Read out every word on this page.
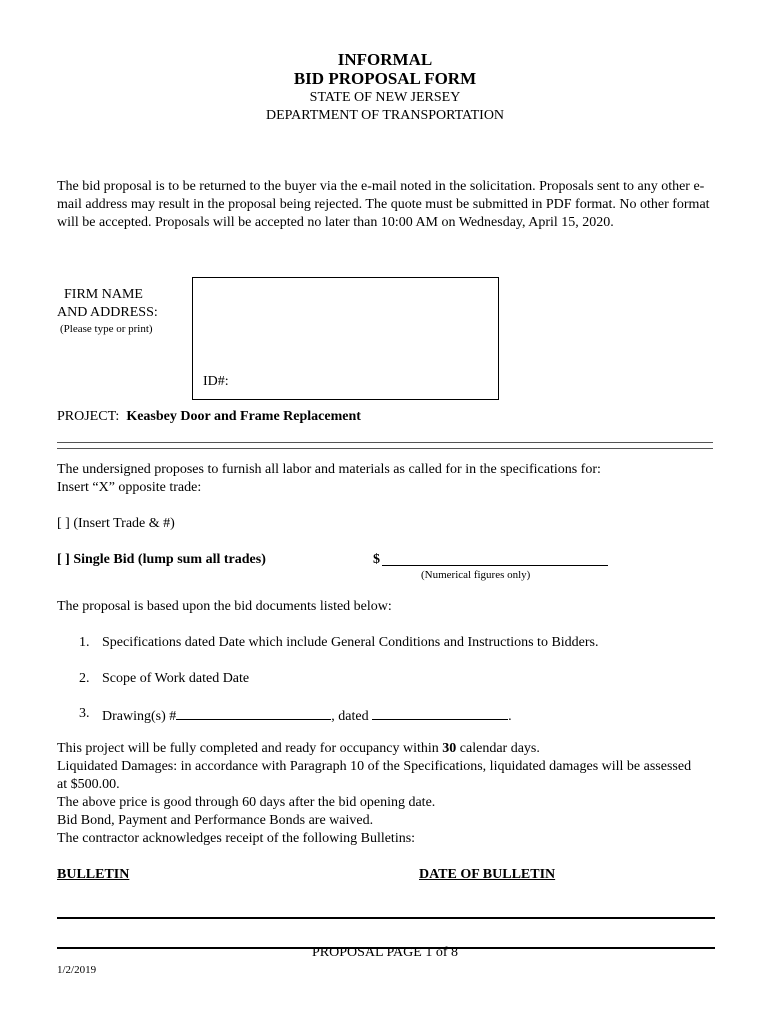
INFORMAL
BID PROPOSAL FORM
STATE OF NEW JERSEY
DEPARTMENT OF TRANSPORTATION
The bid proposal is to be returned to the buyer via the e-mail noted in the solicitation. Proposals sent to any other e-mail address may result in the proposal being rejected. The quote must be submitted in PDF format. No other format will be accepted. Proposals will be accepted no later than 10:00 AM on Wednesday, April 15, 2020.
FIRM NAME
AND ADDRESS:
(Please type or print)
ID#:
PROJECT: Keasbey Door and Frame Replacement
The undersigned proposes to furnish all labor and materials as called for in the specifications for:
Insert “X” opposite trade:
[ ] (Insert Trade & #)
[ ] Single Bid (lump sum all trades)	$
(Numerical figures only)
The proposal is based upon the bid documents listed below:
1. Specifications dated Date which include General Conditions and Instructions to Bidders.
2. Scope of Work dated Date
3. Drawing(s) #	, dated	.
This project will be fully completed and ready for occupancy within 30 calendar days.
Liquidated Damages: in accordance with Paragraph 10 of the Specifications, liquidated damages will be assessed at $500.00.
The above price is good through 60 days after the bid opening date.
Bid Bond, Payment and Performance Bonds are waived.
The contractor acknowledges receipt of the following Bulletins:
BULLETIN	DATE OF BULLETIN
PROPOSAL PAGE 1 of 8
1/2/2019
